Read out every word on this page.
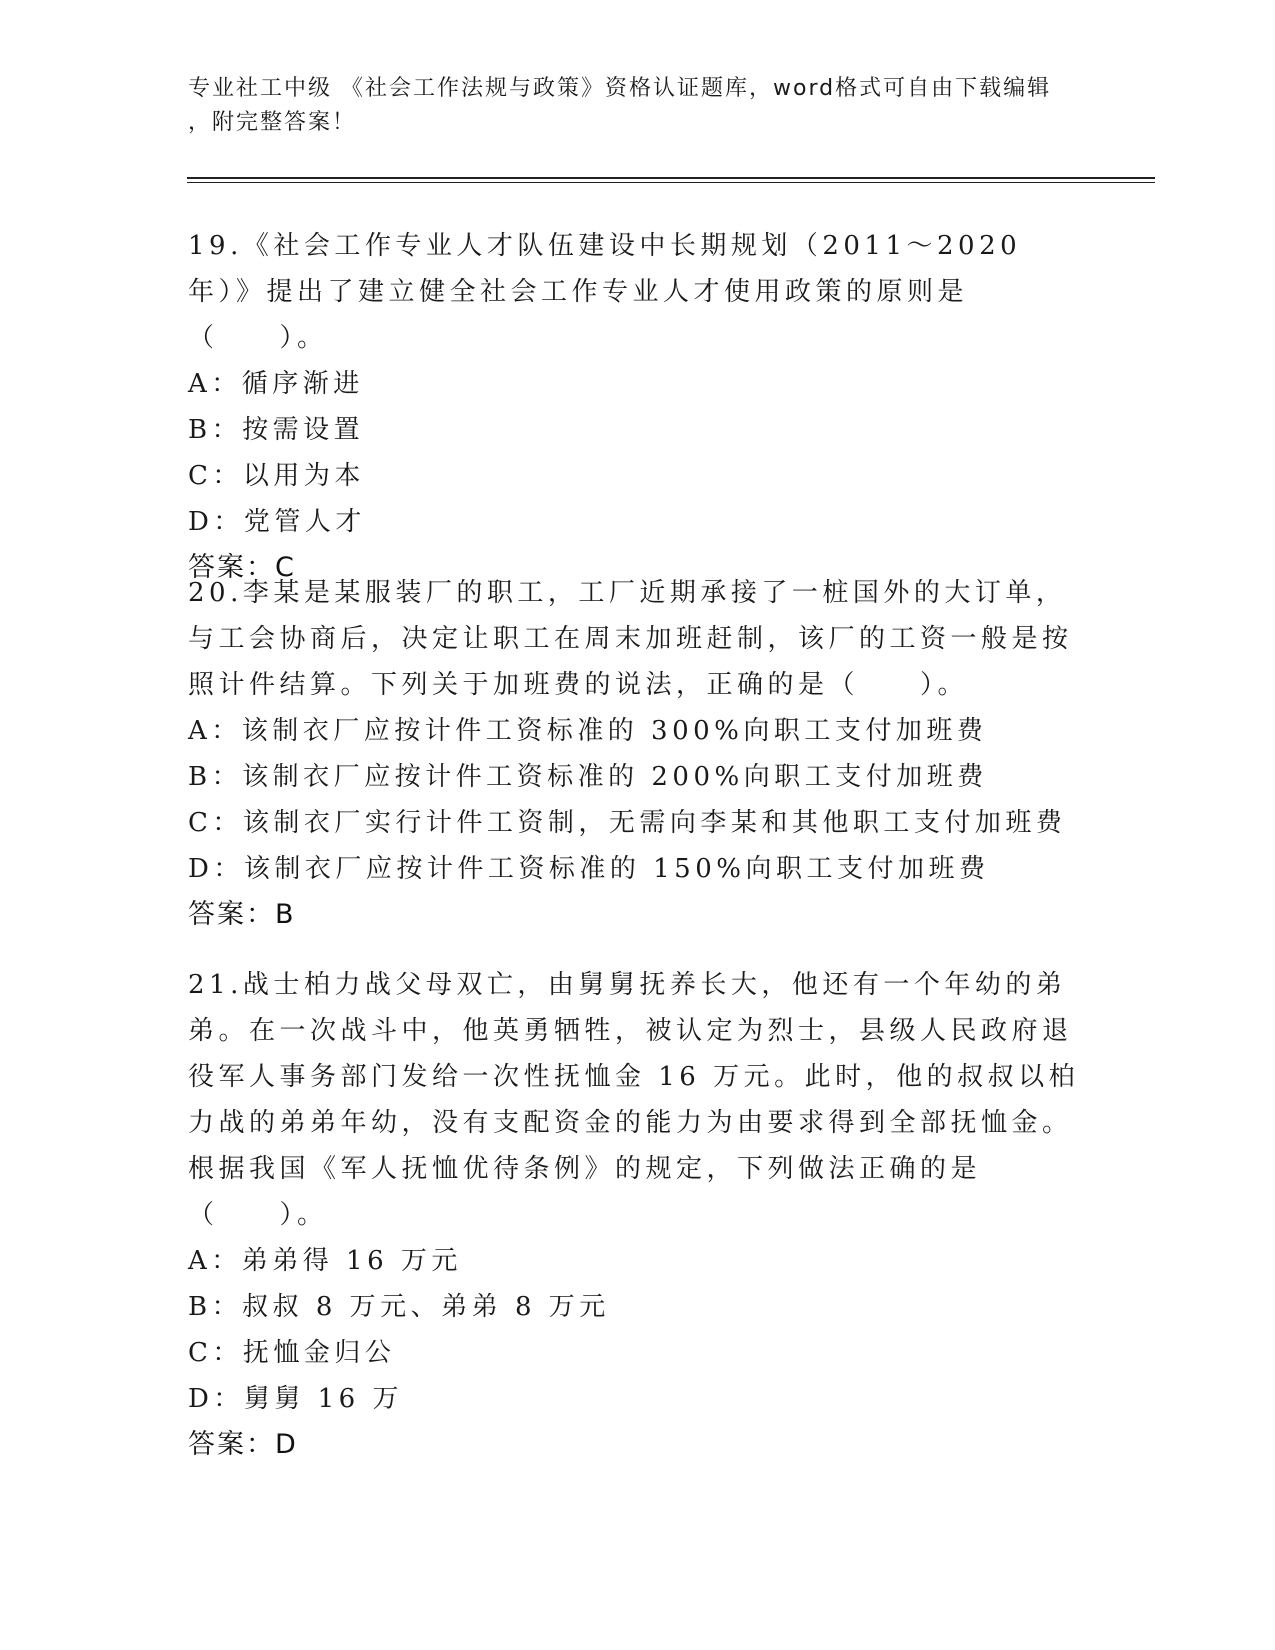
专业社工中级 《社会工作法规与政策》资格认证题库，word格式可自由下载编辑
，附完整答案！

19.《社会工作专业人才队伍建设中长期规划（2011～2020 年）》提出了建立健全社会工作专业人才使用政策的原则是（　　）。

A：循序渐进

B：按需设置

C：以用为本

D：党管人才

答案：C

20.李某是某服装厂的职工，工厂近期承接了一桩国外的大订单，与工会协商后，决定让职工在周末加班赶制，该厂的工资一般是按照计件结算。下列关于加班费的说法，正确的是（　　）。

A：该制衣厂应按计件工资标准的 300%向职工支付加班费

B：该制衣厂应按计件工资标准的 200%向职工支付加班费

C：该制衣厂实行计件工资制，无需向李某和其他职工支付加班费

D：该制衣厂应按计件工资标准的 150%向职工支付加班费

答案：B

21.战士柏力战父母双亡，由舅舅抚养长大，他还有一个年幼的弟弟。在一次战斗中，他英勇牺牲，被认定为烈士，县级人民政府退役军人事务部门发给一次性抚恤金 16 万元。此时，他的叔叔以柏力战的弟弟年幼，没有支配资金的能力为由要求得到全部抚恤金。根据我国《军人抚恤优待条例》的规定，下列做法正确的是（　　）。

A：弟弟得 16 万元

B：叔叔 8 万元、弟弟 8 万元

C：抚恤金归公

D：舅舅 16 万

答案：D
